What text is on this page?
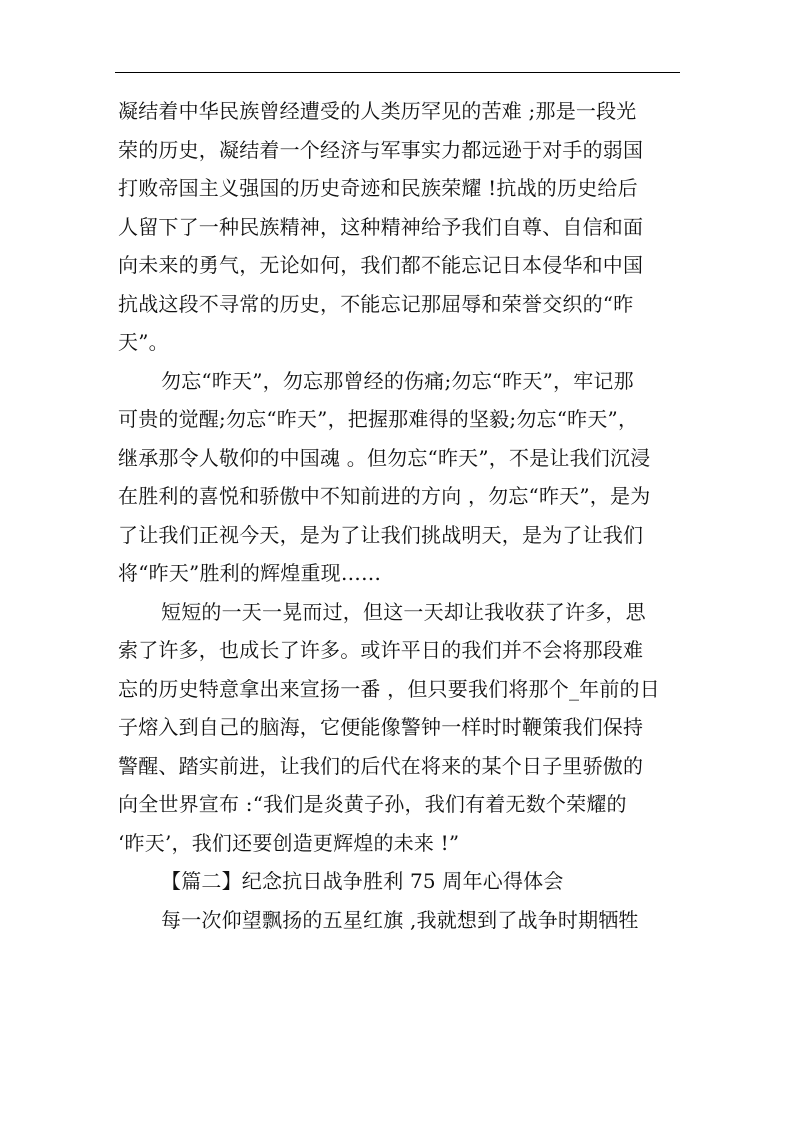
凝结着中华民族曾经遭受的人类历罕见的苦难 ;那是一段光
荣的历史，凝结着一个经济与军事实力都远逊于对手的弱国
打败帝国主义强国的历史奇迹和民族荣耀 !抗战的历史给后
人留下了一种民族精神，这种精神给予我们自尊、自信和面
向未来的勇气，无论如何，我们都不能忘记日本侵华和中国
抗战这段不寻常的历史，不能忘记那屈辱和荣誉交织的“昨
天”。
勿忘“昨天”，勿忘那曾经的伤痛;勿忘“昨天”，牢记那
可贵的觉醒;勿忘“昨天”，把握那难得的坚毅;勿忘“昨天”，
继承那令人敬仰的中国魂 。但勿忘“昨天”，不是让我们沉浸
在胜利的喜悦和骄傲中不知前进的方向 ，勿忘“昨天”，是为
了让我们正视今天，是为了让我们挑战明天，是为了让我们
将“昨天”胜利的辉煌重现……
短短的一天一晃而过，但这一天却让我收获了许多，思
索了许多，也成长了许多。或许平日的我们并不会将那段难
忘的历史特意拿出来宣扬一番 ，但只要我们将那个_年前的日
子熔入到自己的脑海，它便能像警钟一样时时鞭策我们保持
警醒、踏实前进，让我们的后代在将来的某个日子里骄傲的
向全世界宣布 :“我们是炎黄子孙，我们有着无数个荣耀的
‘昨天’，我们还要创造更辉煌的未来 !”
【篇二】纪念抗日战争胜利 75 周年心得体会
每一次仰望飘扬的五星红旗 ,我就想到了战争时期牺牲
